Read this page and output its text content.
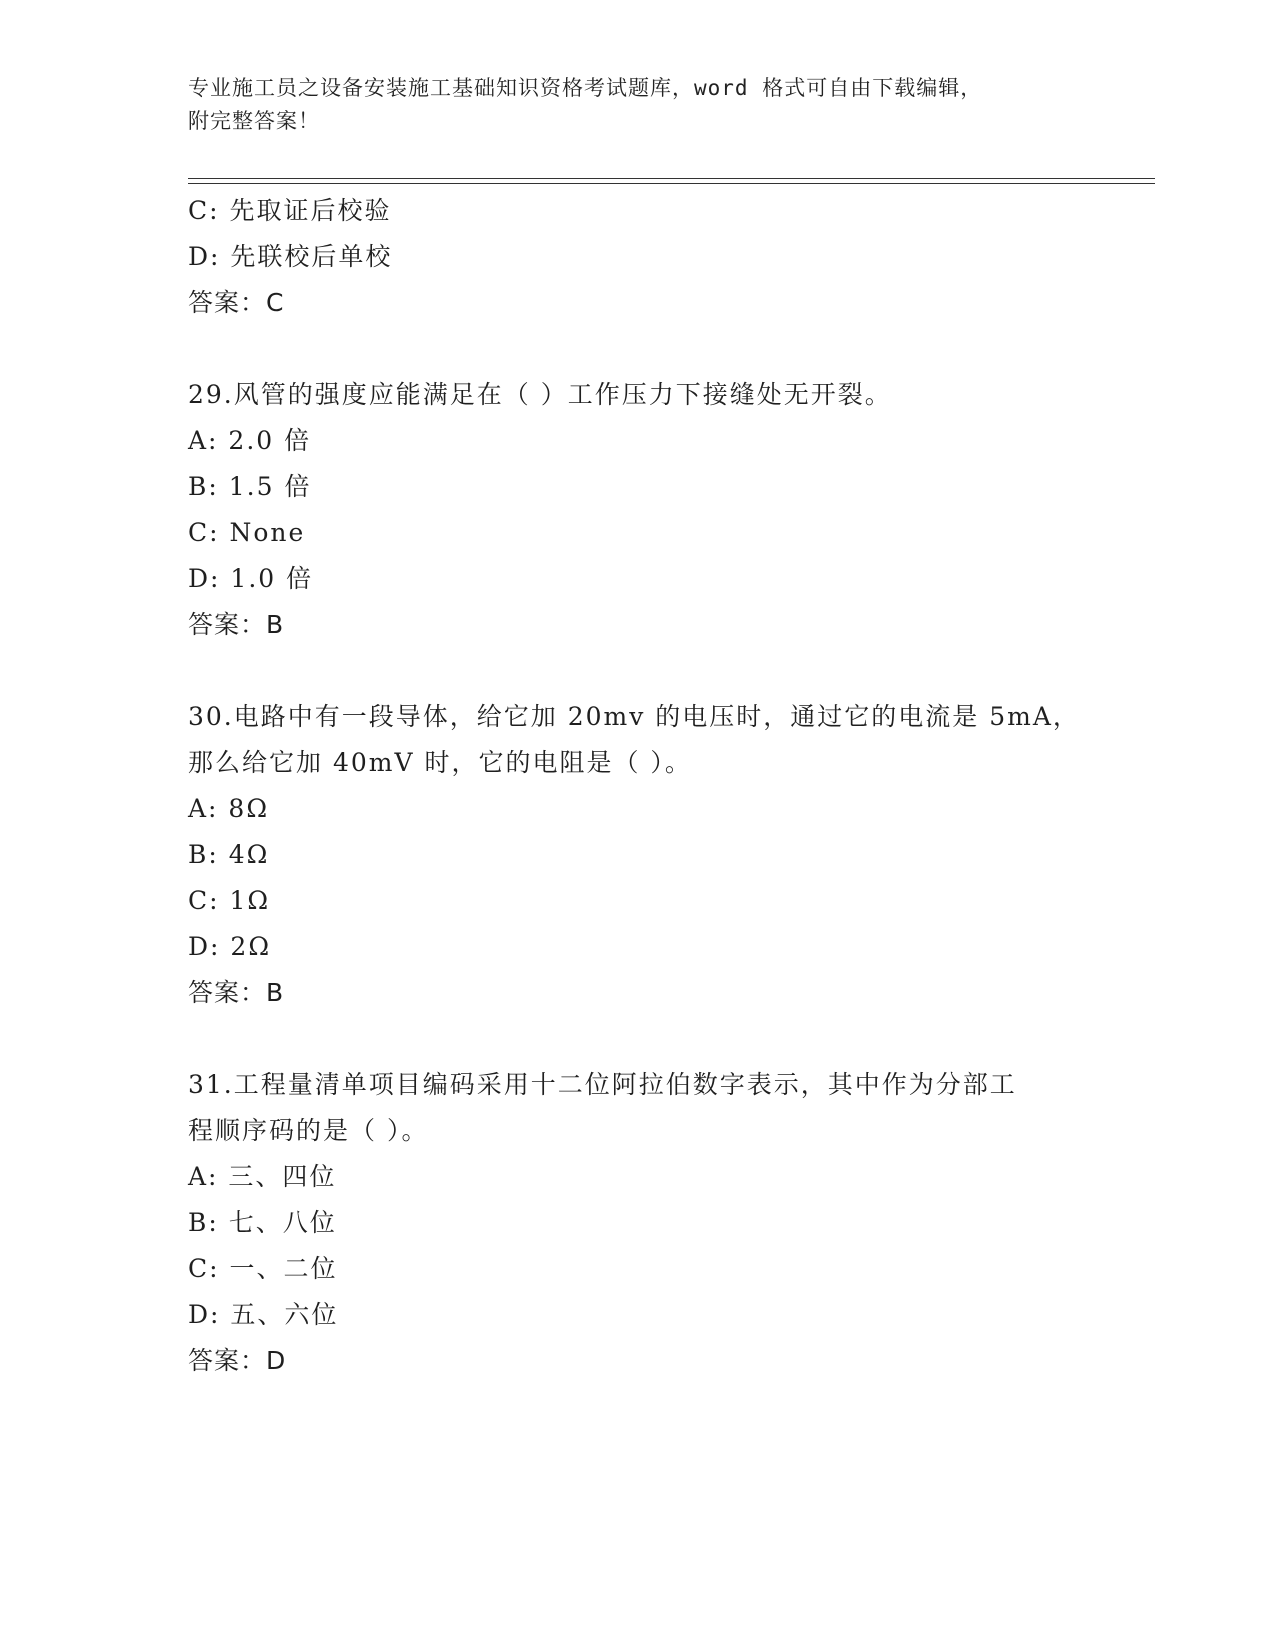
专业施工员之设备安装施工基础知识资格考试题库，word 格式可自由下载编辑，
附完整答案！
C: 先取证后校验
D: 先联校后单校
答案：C
29.风管的强度应能满足在（ ）工作压力下接缝处无开裂。
A: 2.0 倍
B: 1.5 倍
C: None
D: 1.0 倍
答案：B
30.电路中有一段导体，给它加 20mv 的电压时，通过它的电流是 5mA，
那么给它加 40mV 时，它的电阻是（ ）。
A: 8Ω
B: 4Ω
C: 1Ω
D: 2Ω
答案：B
31.工程量清单项目编码采用十二位阿拉伯数字表示，其中作为分部工
程顺序码的是（ ）。
A: 三、四位
B: 七、八位
C: 一、二位
D: 五、六位
答案：D
